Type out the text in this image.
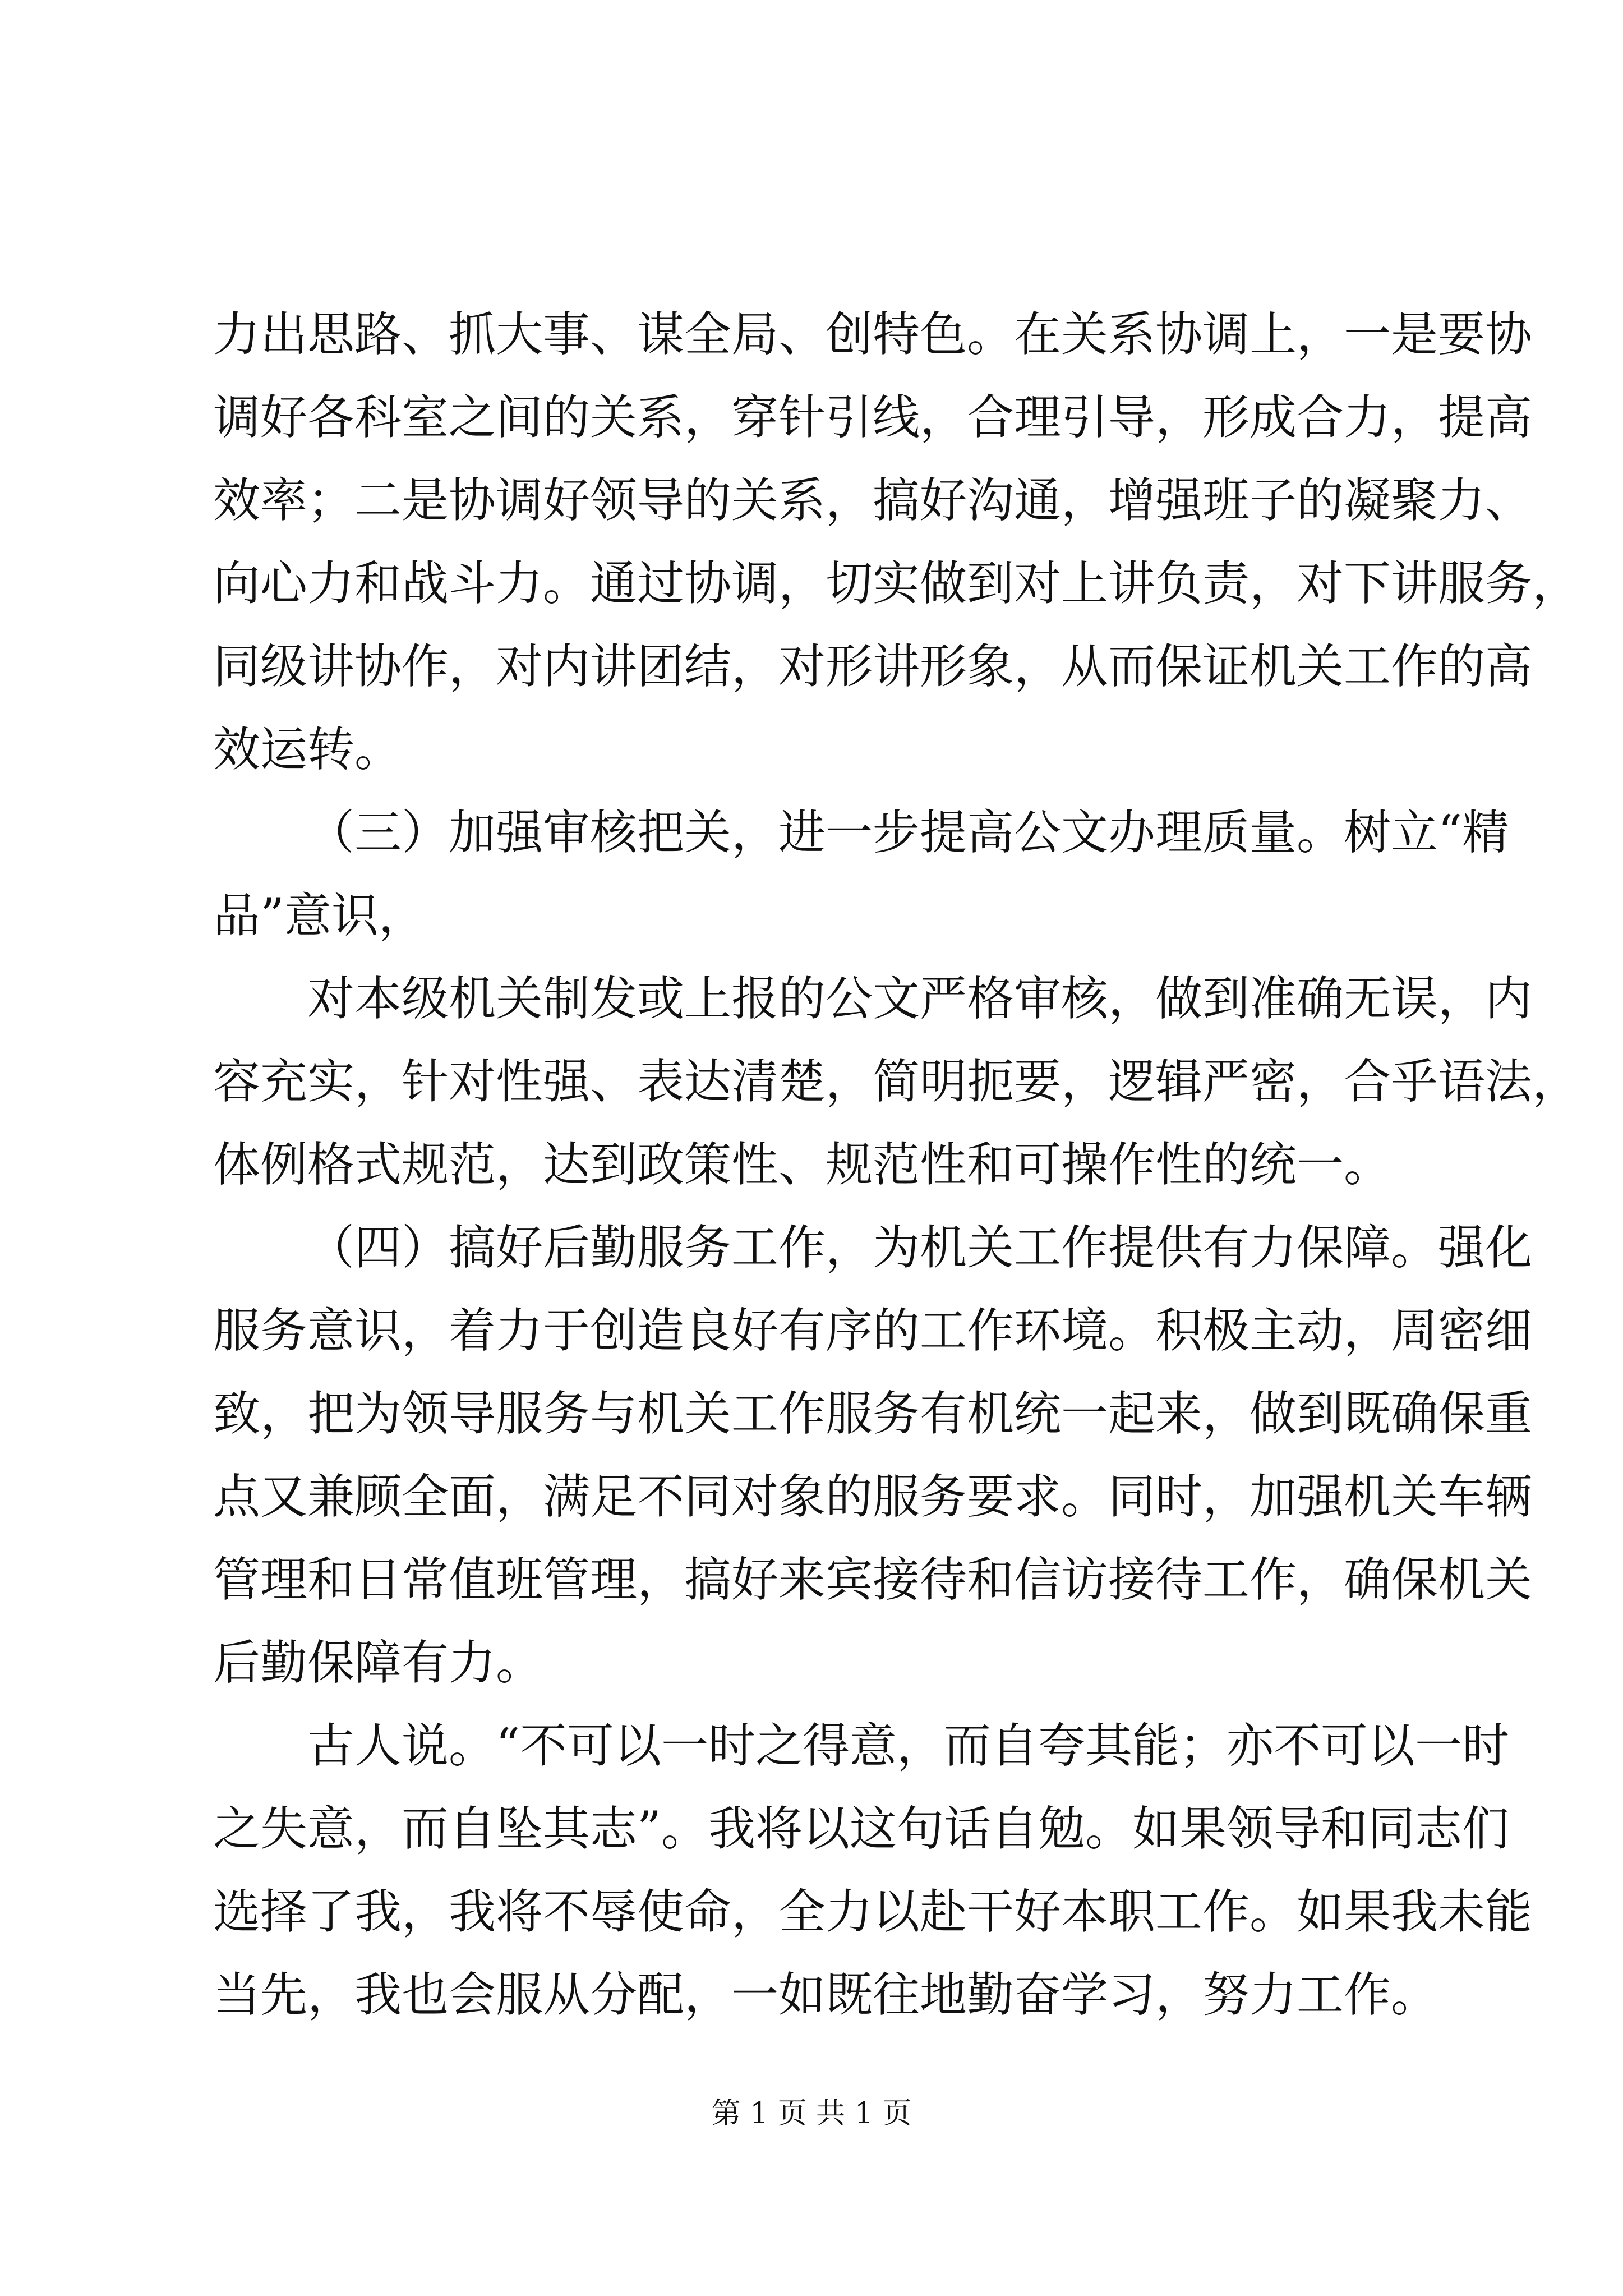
力出思路、抓大事、谋全局、创特色。在关系协调上，一是要协
调好各科室之间的关系，穿针引线，合理引导，形成合力，提高
效率；二是协调好领导的关系，搞好沟通，增强班子的凝聚力、
向心力和战斗力。通过协调，切实做到对上讲负责，对下讲服务，
同级讲协作，对内讲团结，对形讲形象，从而保证机关工作的高
效运转。
（三）加强审核把关，进一步提高公文办理质量。树立“精
品”意识，
对本级机关制发或上报的公文严格审核，做到准确无误，内
容充实，针对性强、表达清楚，简明扼要，逻辑严密，合乎语法，
体例格式规范，达到政策性、规范性和可操作性的统一。
（四）搞好后勤服务工作，为机关工作提供有力保障。强化
服务意识，着力于创造良好有序的工作环境。积极主动，周密细
致，把为领导服务与机关工作服务有机统一起来，做到既确保重
点又兼顾全面，满足不同对象的服务要求。同时，加强机关车辆
管理和日常值班管理，搞好来宾接待和信访接待工作，确保机关
后勤保障有力。
古人说。“不可以一时之得意，而自夸其能；亦不可以一时
之失意，而自坠其志”。我将以这句话自勉。如果领导和同志们
选择了我，我将不辱使命，全力以赴干好本职工作。如果我未能
当先，我也会服从分配，一如既往地勤奋学习，努力工作。
第 1 页 共 1 页
